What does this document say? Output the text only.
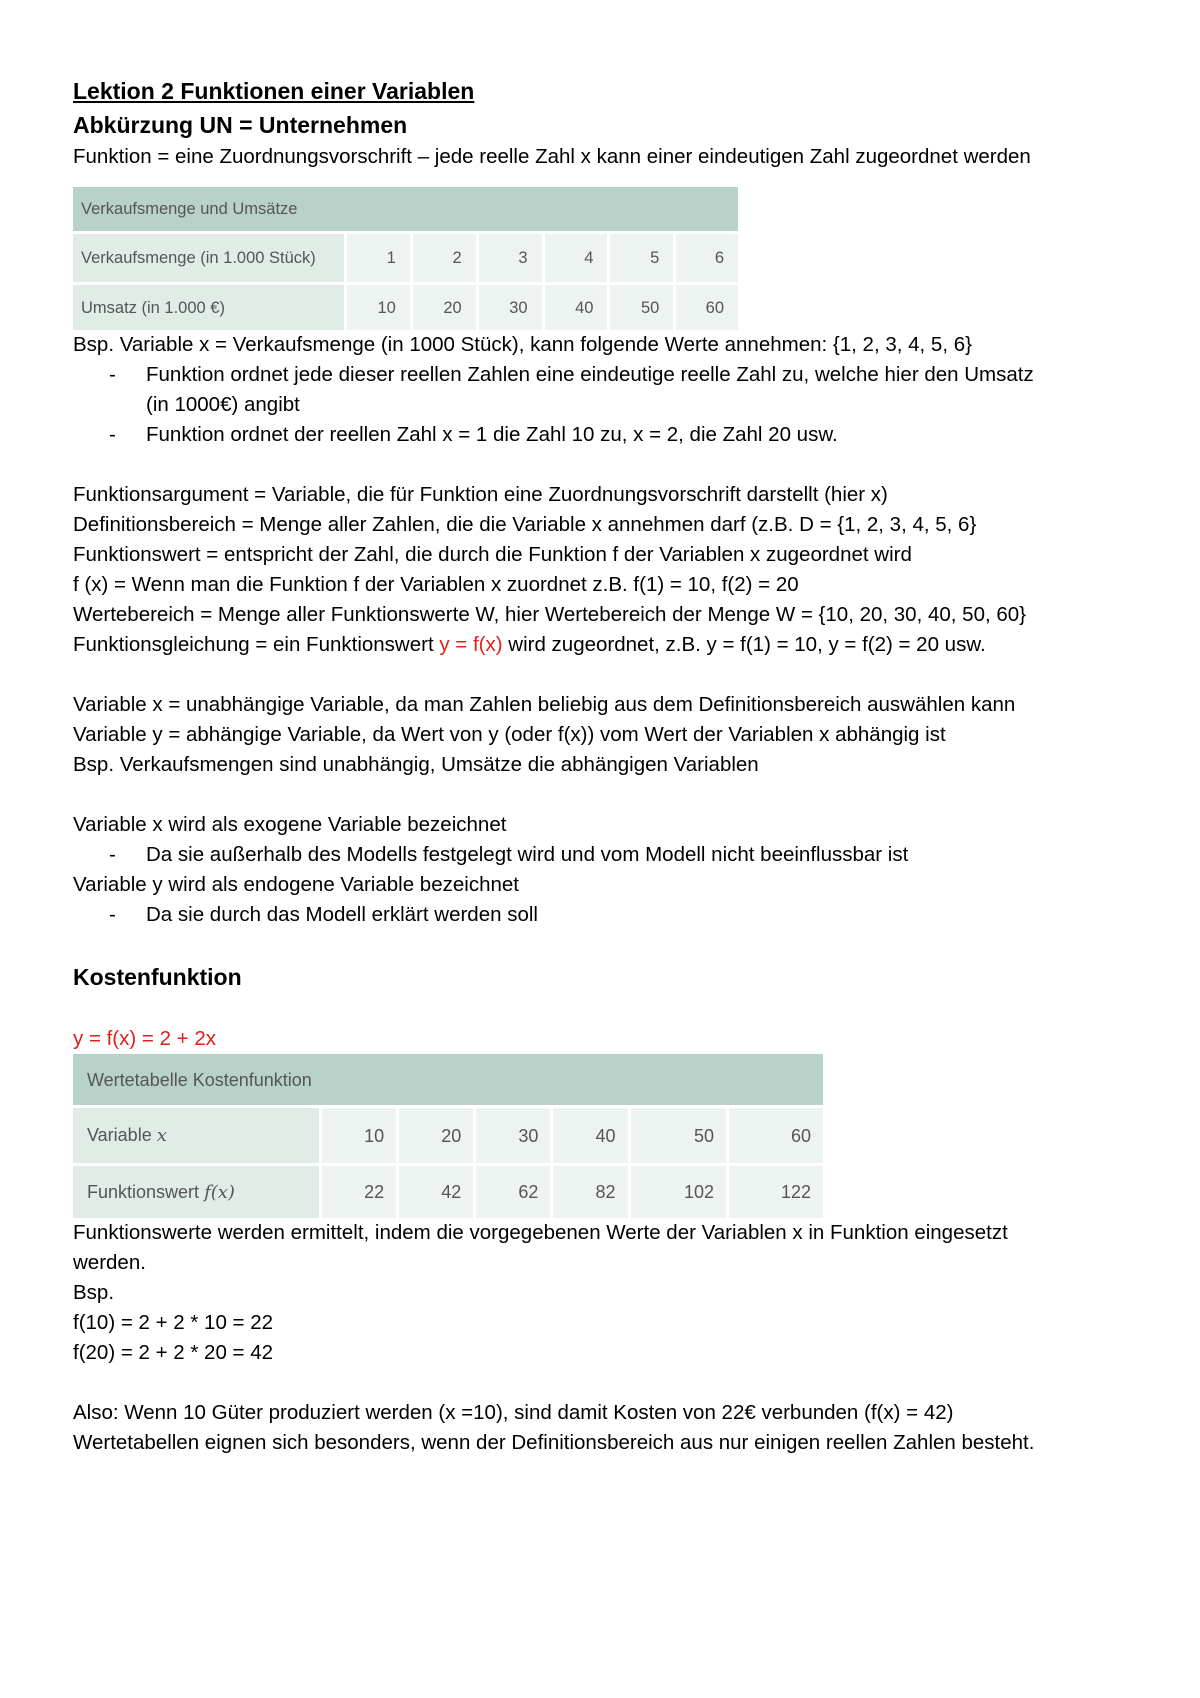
Lektion 2 Funktionen einer Variablen
Abkürzung UN = Unternehmen
Funktion = eine Zuordnungsvorschrift – jede reelle Zahl x kann einer eindeutigen Zahl zugeordnet werden
Verkaufsmenge und Umsätze						
Verkaufsmenge (in 1.000 Stück)	1	2	3	4	5	6
Umsatz (in 1.000 €)	10	20	30	40	50	60
Bsp. Variable x = Verkaufsmenge (in 1000 Stück), kann folgende Werte annehmen: {1, 2, 3, 4, 5, 6}
- Funktion ordnet jede dieser reellen Zahlen eine eindeutige reelle Zahl zu, welche hier den Umsatz
(in 1000€) angibt
- Funktion ordnet der reellen Zahl x = 1 die Zahl 10 zu, x = 2, die Zahl 20 usw.
Funktionsargument = Variable, die für Funktion eine Zuordnungsvorschrift darstellt (hier x)
Definitionsbereich = Menge aller Zahlen, die die Variable x annehmen darf (z.B. D = {1, 2, 3, 4, 5, 6}
Funktionswert = entspricht der Zahl, die durch die Funktion f der Variablen x zugeordnet wird
f (x) = Wenn man die Funktion f der Variablen x zuordnet z.B. f(1) = 10, f(2) = 20
Wertebereich = Menge aller Funktionswerte W, hier Wertebereich der Menge W = {10, 20, 30, 40, 50, 60}
Funktionsgleichung = ein Funktionswert y = f(x) wird zugeordnet, z.B. y = f(1) = 10, y = f(2) = 20 usw.
Variable x = unabhängige Variable, da man Zahlen beliebig aus dem Definitionsbereich auswählen kann
Variable y = abhängige Variable, da Wert von y (oder f(x)) vom Wert der Variablen x abhängig ist
Bsp. Verkaufsmengen sind unabhängig, Umsätze die abhängigen Variablen
Variable x wird als exogene Variable bezeichnet
- Da sie außerhalb des Modells festgelegt wird und vom Modell nicht beeinflussbar ist
Variable y wird als endogene Variable bezeichnet
- Da sie durch das Modell erklärt werden soll
Kostenfunktion
y = f(x) = 2 + 2x
Wertetabelle Kostenfunktion						
Variable x	10	20	30	40	50	60
Funktionswert f(x)	22	42	62	82	102	122
Funktionswerte werden ermittelt, indem die vorgegebenen Werte der Variablen x in Funktion eingesetzt
werden.
Bsp.
f(10) = 2 + 2 * 10 = 22
f(20) = 2 + 2 * 20 = 42
Also: Wenn 10 Güter produziert werden (x =10), sind damit Kosten von 22€ verbunden (f(x) = 42)
Wertetabellen eignen sich besonders, wenn der Definitionsbereich aus nur einigen reellen Zahlen besteht.
